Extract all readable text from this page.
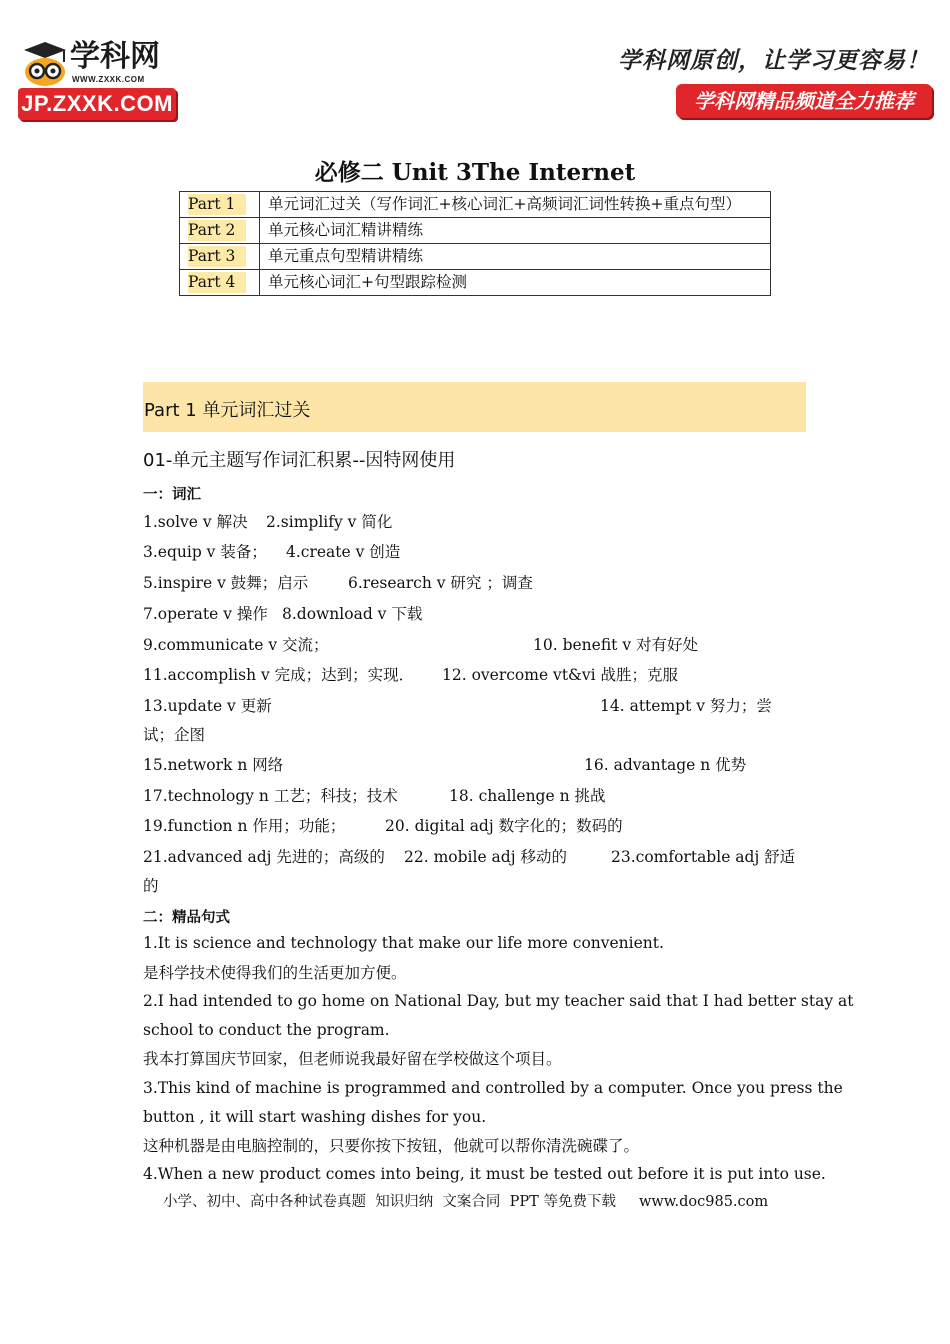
学科网
WWW.ZXXK.COM
JP.ZXXK.COM
学科网原创，让学习更容易！
学科网精品频道全力推荐
必修二 Unit 3The Internet
Part 1	单元词汇过关（写作词汇+核心词汇+高频词汇词性转换+重点句型）
Part 2	单元核心词汇精讲精练
Part 3	单元重点句型精讲精练
Part 4	单元核心词汇+句型跟踪检测
Part 1 单元词汇过关
01-单元主题写作词汇积累--因特网使用
一：词汇
1.solve v 解决 2.simplify v 简化
3.equip v 装备； 4.create v 创造
5.inspire v 鼓舞；启示	6.research v 研究 ；调查
7.operate v 操作 8.download v 下载
9.communicate v 交流；	10. benefit v 对有好处
11.accomplish v 完成；达到；实现． 12. overcome vt&vi 战胜；克服
13.update v 更新	14. attempt v 努力；尝
试；企图
15.network n 网络	16. advantage n 优势
17.technology n 工艺；科技；技术	18. challenge n 挑战
19.function n 作用；功能；	20. digital adj 数字化的；数码的
21.advanced adj 先进的；高级的 22. mobile adj 移动的	23.comfortable adj 舒适
的
二：精品句式
1.It is science and technology that make our life more convenient.
是科学技术使得我们的生活更加方便。
2.I had intended to go home on National Day, but my teacher said that I had better stay at
school to conduct the program.
我本打算国庆节回家，但老师说我最好留在学校做这个项目。
3.This kind of machine is programmed and controlled by a computer. Once you press the
button , it will start washing dishes for you.
这种机器是由电脑控制的，只要你按下按钮，他就可以帮你清洗碗碟了。
4.When a new product comes into being, it must be tested out before it is put into use.
小学、初中、高中各种试卷真题  知识归纳  文案合同  PPT 等免费下载     www.doc985.com
